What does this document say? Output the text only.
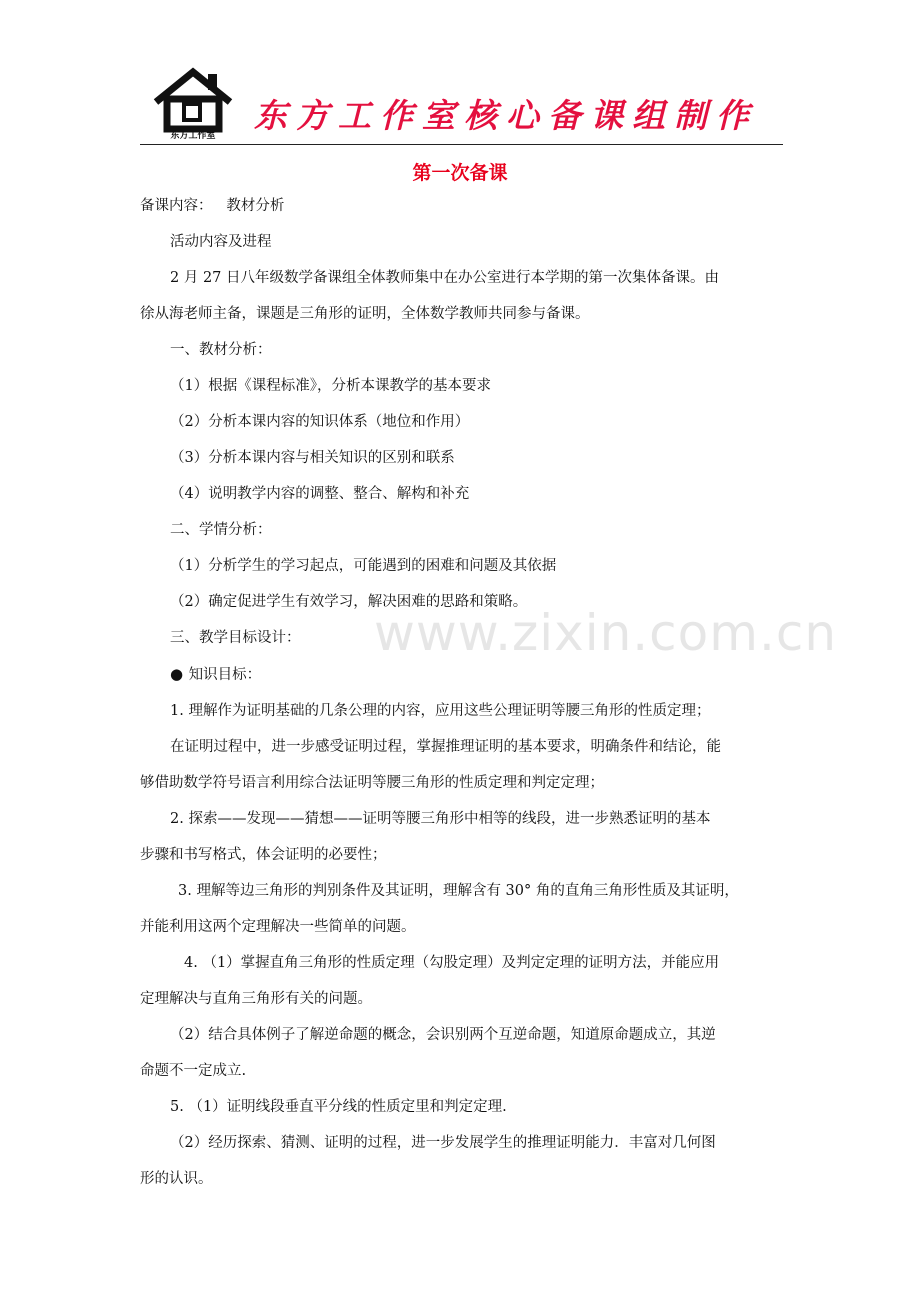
东方工作室
东方工作室核心备课组制作
第一次备课
www.zixin.com.cn

备课内容：   教材分析

活动内容及进程

2 月 27 日八年级数学备课组全体教师集中在办公室进行本学期的第一次集体备课。由

徐从海老师主备，课题是三角形的证明，全体数学教师共同参与备课。

一、教材分析：

（1）根据《课程标准》，分析本课教学的基本要求

（2）分析本课内容的知识体系（地位和作用）

（3）分析本课内容与相关知识的区别和联系

（4）说明教学内容的调整、整合、解构和补充

二、学情分析：

（1）分析学生的学习起点，可能遇到的困难和问题及其依据

（2）确定促进学生有效学习，解决困难的思路和策略。

三、教学目标设计：

● 知识目标：

1. 理解作为证明基础的几条公理的内容，应用这些公理证明等腰三角形的性质定理；

在证明过程中，进一步感受证明过程，掌握推理证明的基本要求，明确条件和结论，能

够借助数学符号语言利用综合法证明等腰三角形的性质定理和判定定理；

2. 探索——发现——猜想——证明等腰三角形中相等的线段，进一步熟悉证明的基本

步骤和书写格式，体会证明的必要性；

3. 理解等边三角形的判别条件及其证明，理解含有 30° 角的直角三角形性质及其证明，

并能利用这两个定理解决一些简单的问题。

4. （1）掌握直角三角形的性质定理（勾股定理）及判定定理的证明方法，并能应用

定理解决与直角三角形有关的问题。

（2）结合具体例子了解逆命题的概念，会识别两个互逆命题，知道原命题成立，其逆

命题不一定成立.

5. （1）证明线段垂直平分线的性质定里和判定定理.

（2）经历探索、猜测、证明的过程，进一步发展学生的推理证明能力．丰富对几何图

形的认识。
